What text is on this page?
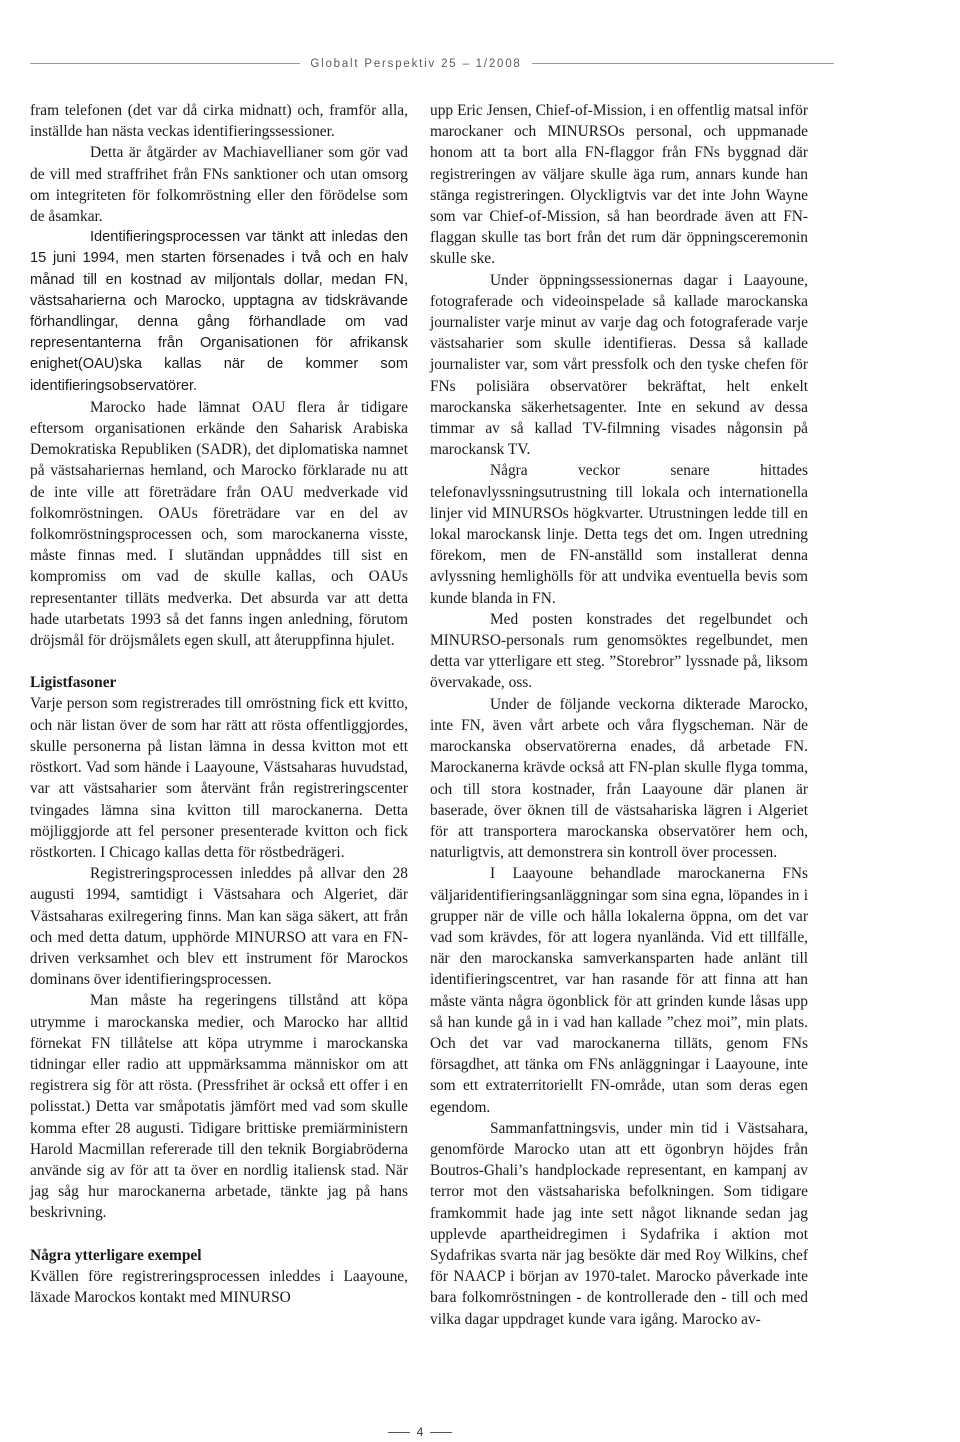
Globalt Perspektiv 25 – 1/2008

fram telefonen (det var då cirka midnatt) och, framför alla, inställde han nästa veckas identifieringssessioner.

Detta är åtgärder av Machiavellianer som gör vad de vill med straffrihet från FNs sanktioner och utan omsorg om integriteten för folkomröstning eller den förödelse som de åsamkar.

Identifieringsprocessen var tänkt att inledas den 15 juni 1994, men starten försenades i två och en halv månad till en kostnad av miljontals dollar, medan FN, västsaharierna och Marocko, upptagna av tidskrävande förhandlingar, denna gång förhandlade om vad representanterna från Organisationen för afrikansk enighet(OAU)ska kallas när de kommer som identifieringsobservatörer.

Marocko hade lämnat OAU flera år tidigare eftersom organisationen erkände den Saharisk Arabiska Demokratiska Republiken (SADR), det diplomatiska namnet på västsahariernas hemland, och Marocko förklarade nu att de inte ville att företrädare från OAU medverkade vid folkomröstningen. OAUs företrädare var en del av folkomröstningsprocessen och, som marockanerna visste, måste finnas med. I slutändan uppnåddes till sist en kompromiss om vad de skulle kallas, och OAUs representanter tilläts medverka. Det absurda var att detta hade utarbetats 1993 så det fanns ingen anledning, förutom dröjsmål för dröjsmålets egen skull, att återuppfinna hjulet.

Ligistfasoner

Varje person som registrerades till omröstning fick ett kvitto, och när listan över de som har rätt att rösta offentliggjordes, skulle personerna på listan lämna in dessa kvitton mot ett röstkort. Vad som hände i Laayoune, Västsaharas huvudstad, var att västsaharier som återvänt från registreringscenter tvingades lämna sina kvitton till marockanerna. Detta möjliggjorde att fel personer presenterade kvitton och fick röstkorten. I Chicago kallas detta för röstbedrägeri.

Registreringsprocessen inleddes på allvar den 28 augusti 1994, samtidigt i Västsahara och Algeriet, där Västsaharas exilregering finns. Man kan säga säkert, att från och med detta datum, upphörde MINURSO att vara en FN-driven verksamhet och blev ett instrument för Marockos dominans över identifieringsprocessen.

Man måste ha regeringens tillstånd att köpa utrymme i marockanska medier, och Marocko har alltid förnekat FN tillåtelse att köpa utrymme i marockanska tidningar eller radio att uppmärksamma människor om att registrera sig för att rösta. (Pressfrihet är också ett offer i en polisstat.) Detta var småpotatis jämfört med vad som skulle komma efter 28 augusti. Tidigare brittiske premiärministern Harold Macmillan refererade till den teknik Borgiabröderna använde sig av för att ta över en nordlig italiensk stad. När jag såg hur marockanerna arbetade, tänkte jag på hans beskrivning.

Några ytterligare exempel

Kvällen före registreringsprocessen inleddes i Laayoune, läxade Marockos kontakt med MINURSO

upp Eric Jensen, Chief-of-Mission, i en offentlig matsal inför marockaner och MINURSOs personal, och uppmanade honom att ta bort alla FN-flaggor från FNs byggnad där registreringen av väljare skulle äga rum, annars kunde han stänga registreringen. Olyckligtvis var det inte John Wayne som var Chief-of-Mission, så han beordrade även att FN-flaggan skulle tas bort från det rum där öppningsceremonin skulle ske.

Under öppningssessionernas dagar i Laayoune, fotograferade och videoinspelade så kallade marockanska journalister varje minut av varje dag och fotograferade varje västsaharier som skulle identifieras. Dessa så kallade journalister var, som vårt pressfolk och den tyske chefen för FNs polisiära observatörer bekräftat, helt enkelt marockanska säkerhetsagenter. Inte en sekund av dessa timmar av så kallad TV-filmning visades någonsin på marockansk TV.

Några veckor senare hittades telefonavlyssningsutrustning till lokala och internationella linjer vid MINURSOs högkvarter. Utrustningen ledde till en lokal marockansk linje. Detta tegs det om. Ingen utredning förekom, men de FN-anställd som installerat denna avlyssning hemlighölls för att undvika eventuella bevis som kunde blanda in FN.

Med posten konstrades det regelbundet och MINURSO-personals rum genomsöktes regelbundet, men detta var ytterligare ett steg. ”Storebror” lyssnade på, liksom övervakade, oss.

Under de följande veckorna dikterade Marocko, inte FN, även vårt arbete och våra flygscheman. När de marockanska observatörerna enades, då arbetade FN. Marockanerna krävde också att FN-plan skulle flyga tomma, och till stora kostnader, från Laayoune där planen är baserade, över öknen till de västsahariska lägren i Algeriet för att transportera marockanska observatörer hem och, naturligtvis, att demonstrera sin kontroll över processen.

I Laayoune behandlade marockanerna FNs väljaridentifieringsanläggningar som sina egna, löpandes in i grupper när de ville och hålla lokalerna öppna, om det var vad som krävdes, för att logera nyanlända. Vid ett tillfälle, när den marockanska samverkansparten hade anlänt till identifieringscentret, var han rasande för att finna att han måste vänta några ögonblick för att grinden kunde låsas upp så han kunde gå in i vad han kallade ”chez moi”, min plats. Och det var vad marockanerna tilläts, genom FNs försagdhet, att tänka om FNs anläggningar i Laayoune, inte som ett extraterritoriellt FN-område, utan som deras egen egendom.

Sammanfattningsvis, under min tid i Västsahara, genomförde Marocko utan att ett ögonbryn höjdes från Boutros-Ghali’s handplockade representant, en kampanj av terror mot den västsahariska befolkningen. Som tidigare framkommit hade jag inte sett något liknande sedan jag upplevde apartheidregimen i Sydafrika i aktion mot Sydafrikas svarta när jag besökte där med Roy Wilkins, chef för NAACP i början av 1970-talet. Marocko påverkade inte bara folkomröstningen - de kontrollerade den - till och med vilka dagar uppdraget kunde vara igång. Marocko av-

4
